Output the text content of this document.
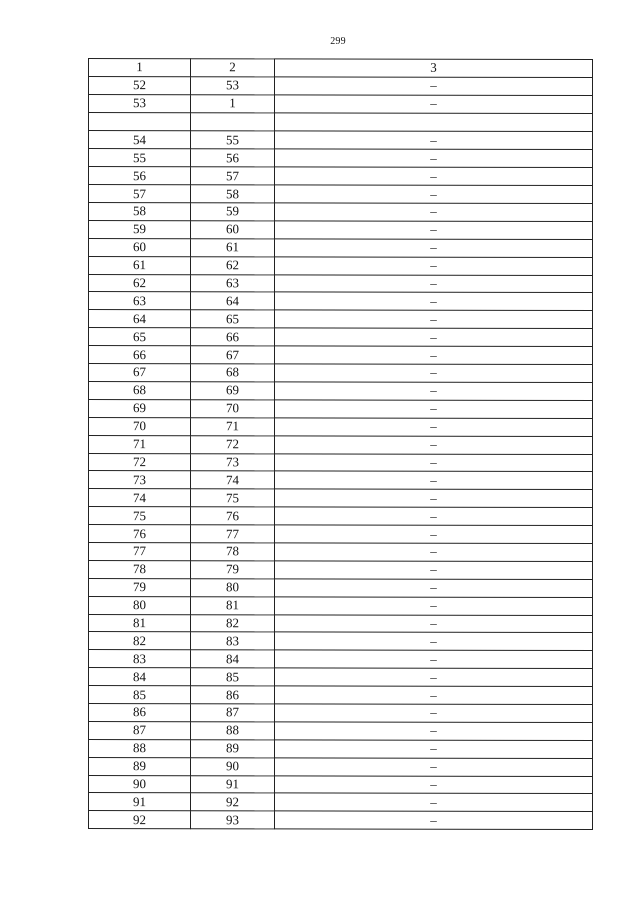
299
1	2	3
52	53	–
53	1	–

54	55	–
55	56	–
56	57	–
57	58	–
58	59	–
59	60	–
60	61	–
61	62	–
62	63	–
63	64	–
64	65	–
65	66	–
66	67	–
67	68	–
68	69	–
69	70	–
70	71	–
71	72	–
72	73	–
73	74	–
74	75	–
75	76	–
76	77	–
77	78	–
78	79	–
79	80	–
80	81	–
81	82	–
82	83	–
83	84	–
84	85	–
85	86	–
86	87	–
87	88	–
88	89	–
89	90	–
90	91	–
91	92	–
92	93	–
